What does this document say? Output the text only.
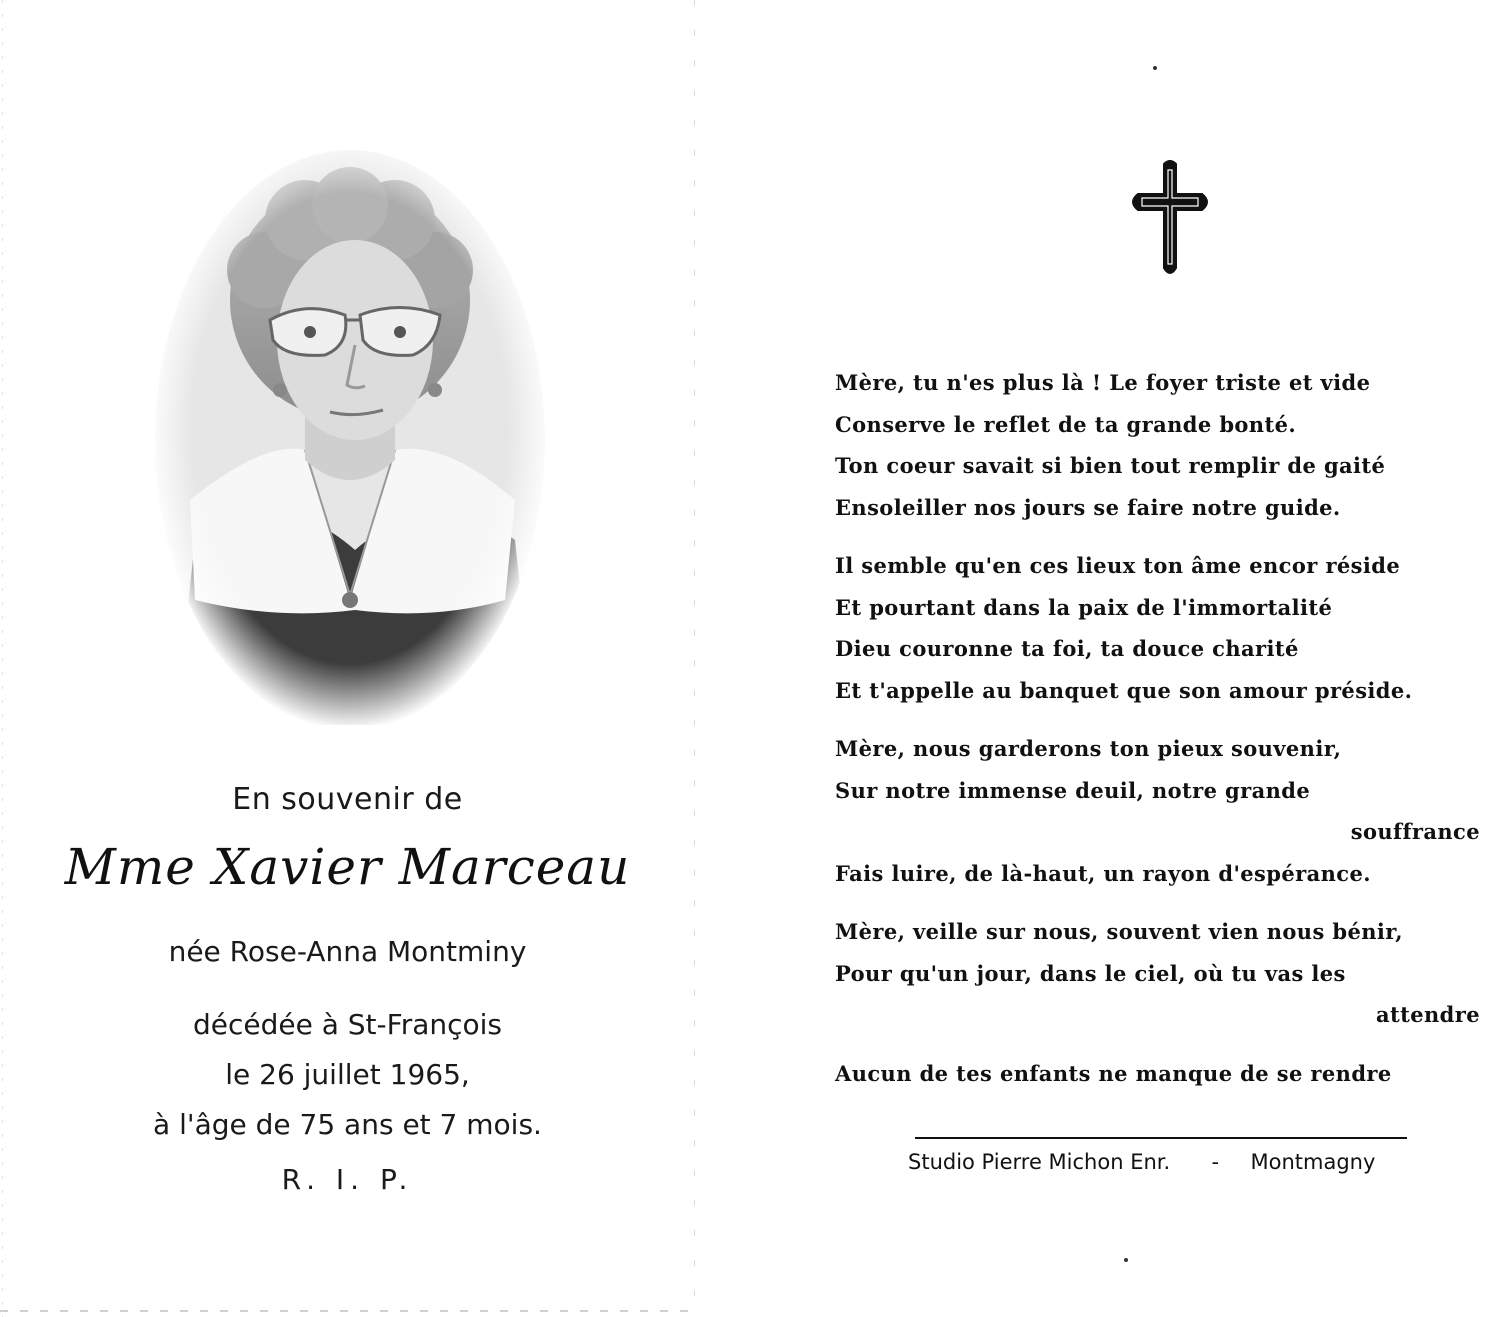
En souvenir de
Mme Xavier Marceau
née Rose-Anna Montminy
décédée à St-François
le 26 juillet 1965,
à l'âge de 75 ans et 7 mois.
R. I. P.
Mère, tu n'es plus là ! Le foyer triste et vide
Conserve le reflet de ta grande bonté.
Ton coeur savait si bien tout remplir de gaité
Ensoleiller nos jours se faire notre guide.
Il semble qu'en ces lieux ton âme encor réside
Et pourtant dans la paix de l'immortalité
Dieu couronne ta foi, ta douce charité
Et t'appelle au banquet que son amour préside.
Mère, nous garderons ton pieux souvenir,
Sur notre immense deuil, notre grande
souffrance
Fais luire, de là-haut, un rayon d'espérance.
Mère, veille sur nous, souvent vien nous bénir,
Pour qu'un jour, dans le ciel, où tu vas les
attendre
Aucun de tes enfants ne manque de se rendre
Studio Pierre Michon Enr. - Montmagny
